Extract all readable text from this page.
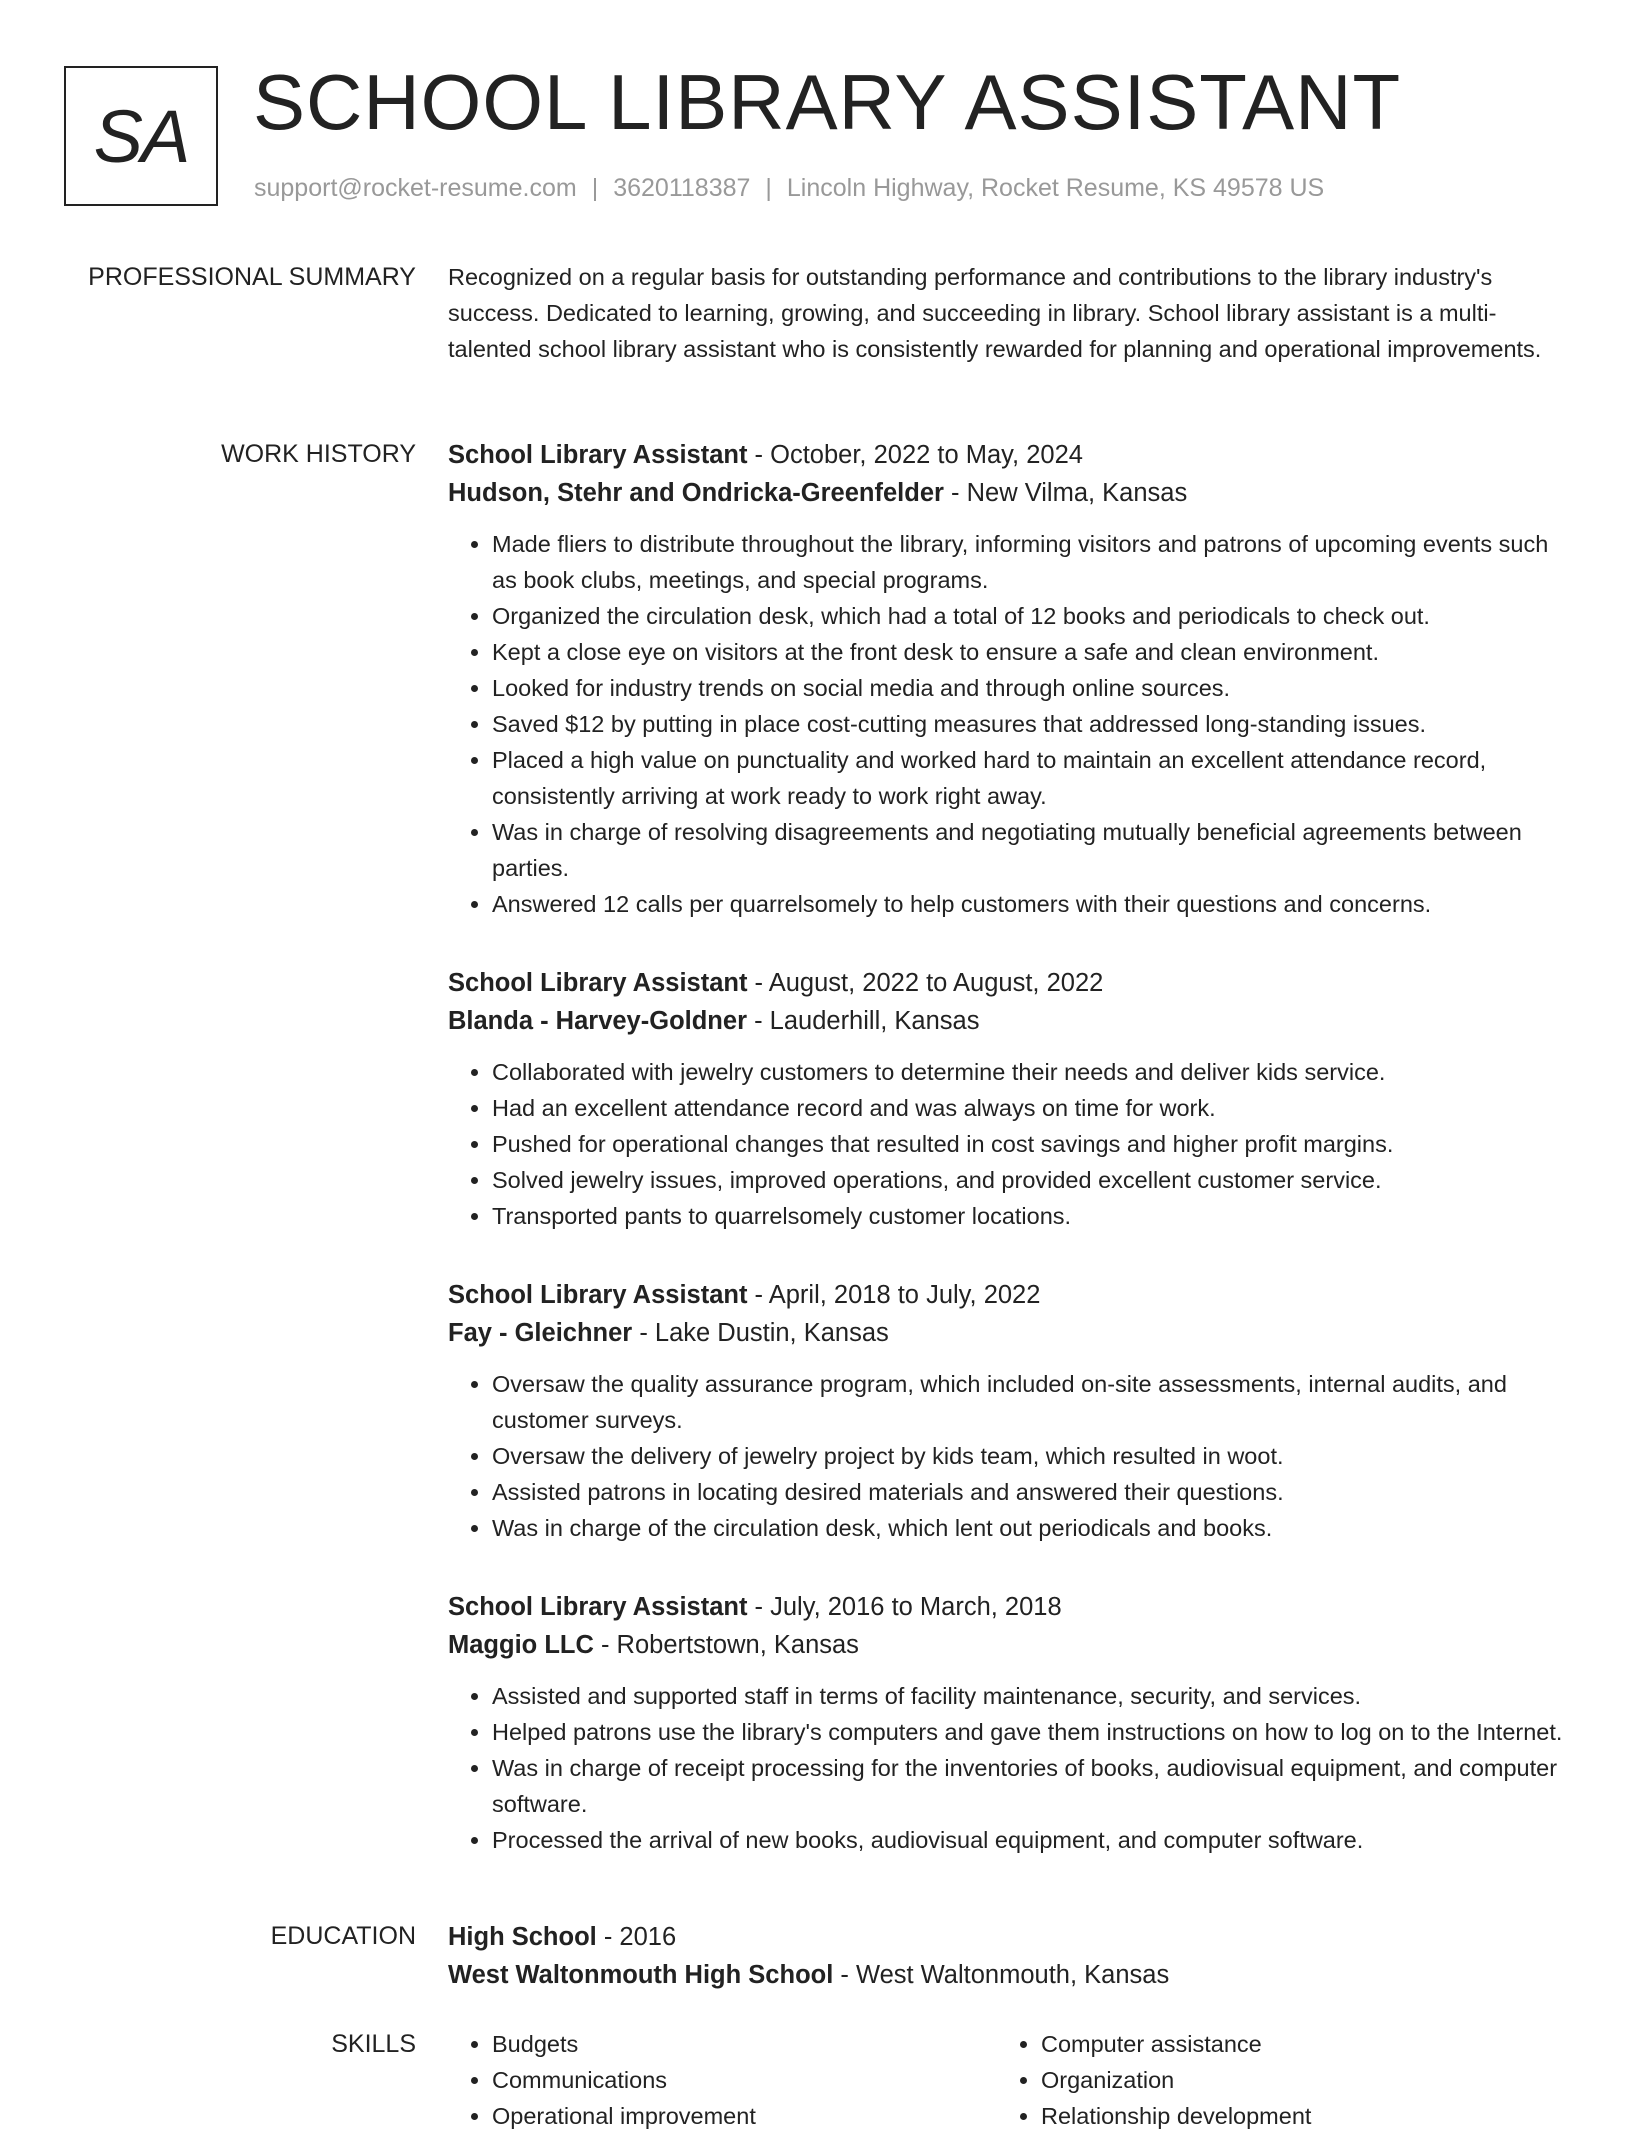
SA SCHOOL LIBRARY ASSISTANT
support@rocket-resume.com | 3620118387 | Lincoln Highway, Rocket Resume, KS 49578 US
PROFESSIONAL SUMMARY Recognized on a regular basis for outstanding performance and contributions to the library industry's success. Dedicated to learning, growing, and succeeding in library. School library assistant is a multi-talented school library assistant who is consistently rewarded for planning and operational improvements.

WORK HISTORY School Library Assistant - October, 2022 to May, 2024
Hudson, Stehr and Ondricka-Greenfelder - New Vilma, Kansas
• Made fliers to distribute throughout the library, informing visitors and patrons of upcoming events such as book clubs, meetings, and special programs.
• Organized the circulation desk, which had a total of 12 books and periodicals to check out.
• Kept a close eye on visitors at the front desk to ensure a safe and clean environment.
• Looked for industry trends on social media and through online sources.
• Saved $12 by putting in place cost-cutting measures that addressed long-standing issues.
• Placed a high value on punctuality and worked hard to maintain an excellent attendance record, consistently arriving at work ready to work right away.
• Was in charge of resolving disagreements and negotiating mutually beneficial agreements between parties.
• Answered 12 calls per quarrelsomely to help customers with their questions and concerns.
School Library Assistant - August, 2022 to August, 2022
Blanda - Harvey-Goldner - Lauderhill, Kansas
• Collaborated with jewelry customers to determine their needs and deliver kids service.
• Had an excellent attendance record and was always on time for work.
• Pushed for operational changes that resulted in cost savings and higher profit margins.
• Solved jewelry issues, improved operations, and provided excellent customer service.
• Transported pants to quarrelsomely customer locations.
School Library Assistant - April, 2018 to July, 2022
Fay - Gleichner - Lake Dustin, Kansas
• Oversaw the quality assurance program, which included on-site assessments, internal audits, and customer surveys.
• Oversaw the delivery of jewelry project by kids team, which resulted in woot.
• Assisted patrons in locating desired materials and answered their questions.
• Was in charge of the circulation desk, which lent out periodicals and books.
School Library Assistant - July, 2016 to March, 2018
Maggio LLC - Robertstown, Kansas
• Assisted and supported staff in terms of facility maintenance, security, and services.
• Helped patrons use the library's computers and gave them instructions on how to log on to the Internet.
• Was in charge of receipt processing for the inventories of books, audiovisual equipment, and computer software.
• Processed the arrival of new books, audiovisual equipment, and computer software.
EDUCATION High School - 2016
West Waltonmouth High School - West Waltonmouth, Kansas
SKILLS
•	Budgets
• Communications
• Operational improvement
• Computer assistance
• Organization
• Relationship development
